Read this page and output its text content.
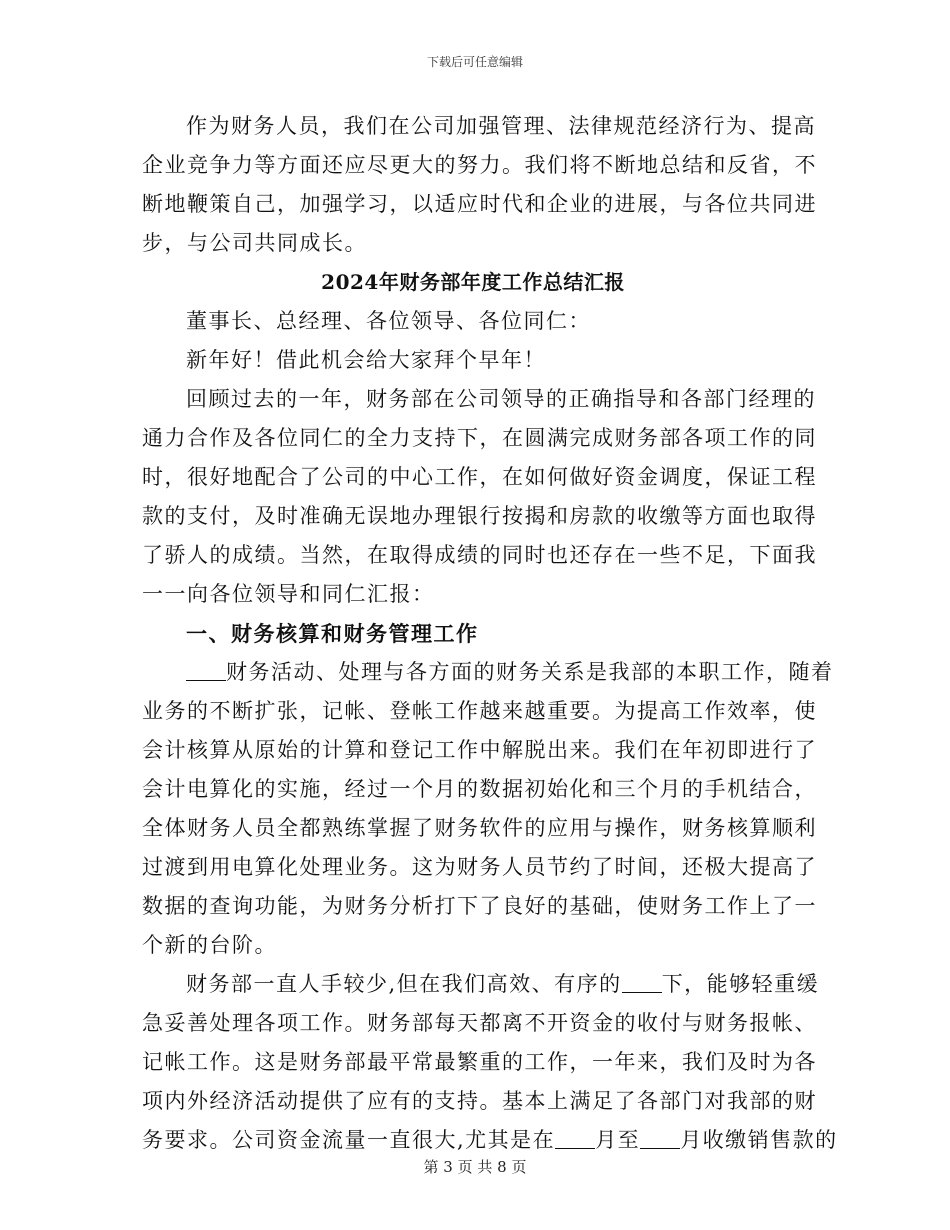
下载后可任意编辑
作为财务人员，我们在公司加强管理、法律规范经济行为、提高
企业竞争力等方面还应尽更大的努力。我们将不断地总结和反省，不
断地鞭策自己，加强学习，以适应时代和企业的进展，与各位共同进
步，与公司共同成长。
2024年财务部年度工作总结汇报
董事长、总经理、各位领导、各位同仁：
新年好！借此机会给大家拜个早年！
回顾过去的一年，财务部在公司领导的正确指导和各部门经理的
通力合作及各位同仁的全力支持下，在圆满完成财务部各项工作的同
时，很好地配合了公司的中心工作，在如何做好资金调度，保证工程
款的支付，及时准确无误地办理银行按揭和房款的收缴等方面也取得
了骄人的成绩。当然，在取得成绩的同时也还存在一些不足，下面我
一一向各位领导和同仁汇报：
一、财务核算和财务管理工作
财务活动、处理与各方面的财务关系是我部的本职工作，随着
业务的不断扩张，记帐、登帐工作越来越重要。为提高工作效率，使
会计核算从原始的计算和登记工作中解脱出来。我们在年初即进行了
会计电算化的实施，经过一个月的数据初始化和三个月的手机结合，
全体财务人员全都熟练掌握了财务软件的应用与操作，财务核算顺利
过渡到用电算化处理业务。这为财务人员节约了时间，还极大提高了
数据的查询功能，为财务分析打下了良好的基础，使财务工作上了一
个新的台阶。
财务部一直人手较少,但在我们高效、有序的 下，能够轻重缓
急妥善处理各项工作。财务部每天都离不开资金的收付与财务报帐、
记帐工作。这是财务部最平常最繁重的工作，一年来，我们及时为各
项内外经济活动提供了应有的支持。基本上满足了各部门对我部的财
务要求。公司资金流量一直很大,尤其是在 月至 月收缴销售款的
第 3 页 共 8 页
